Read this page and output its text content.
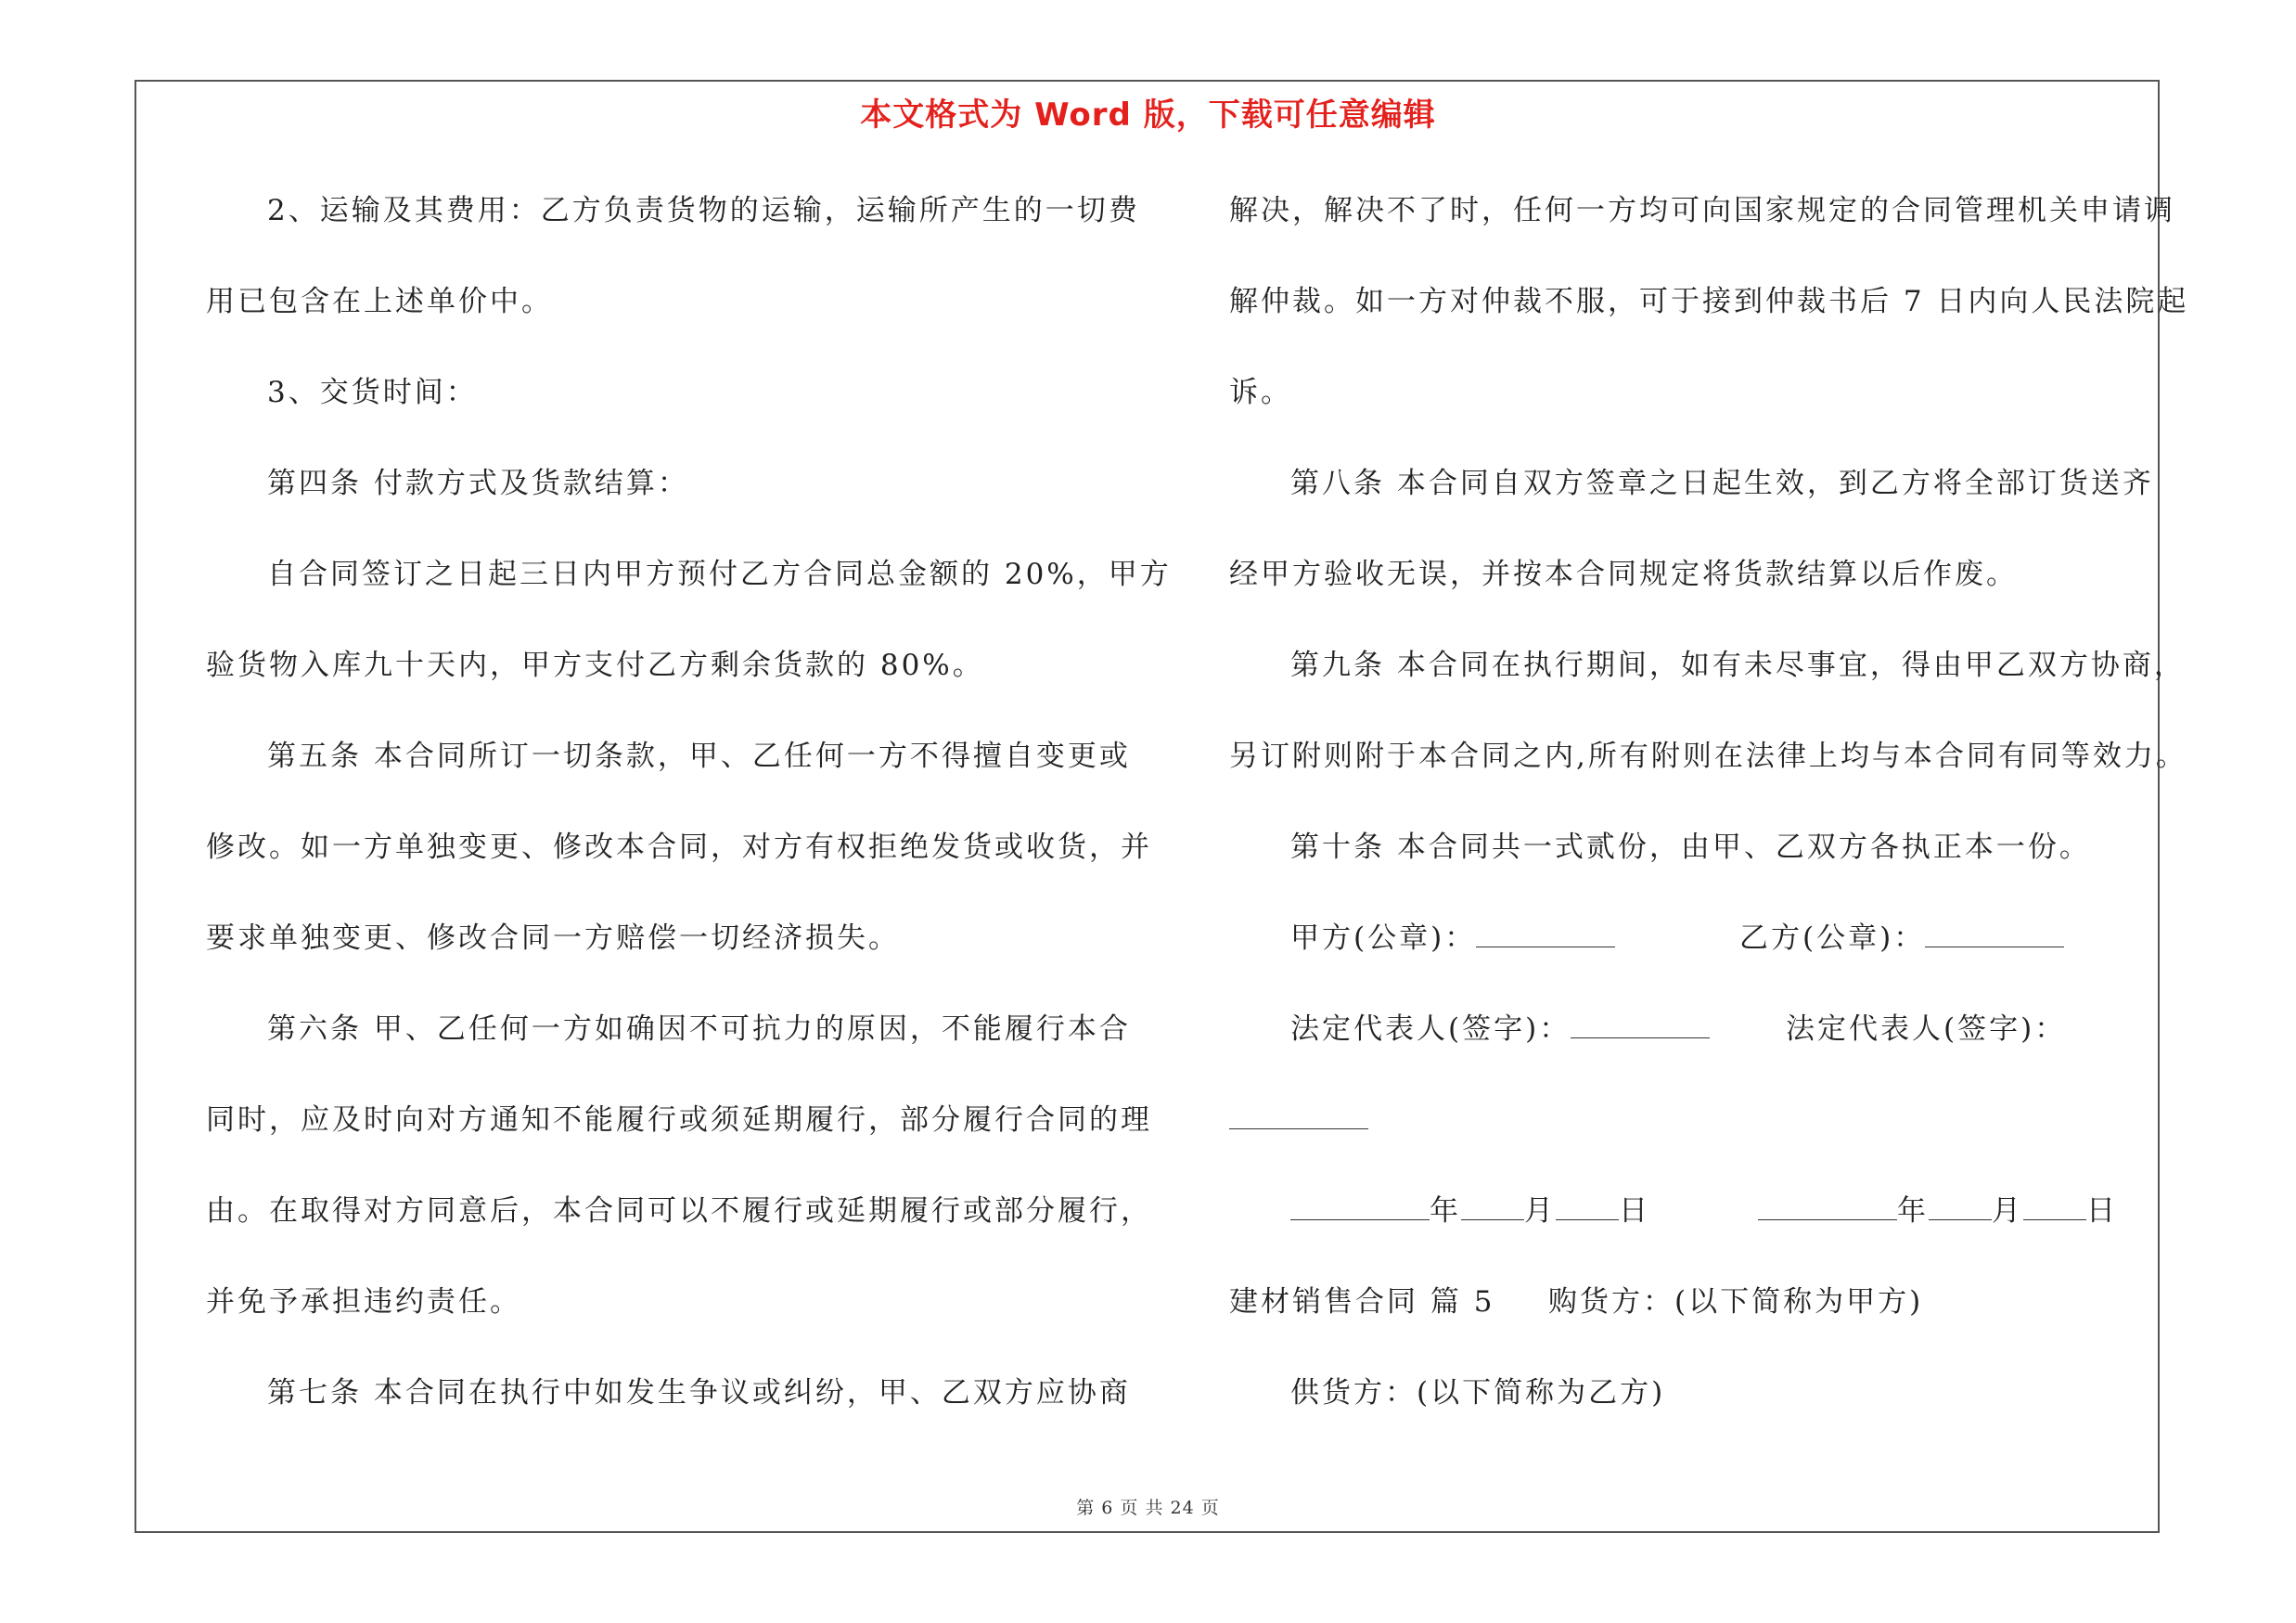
本文格式为 Word 版，下载可任意编辑
2、运输及其费用：乙方负责货物的运输，运输所产生的一切费
用已包含在上述单价中。
3、交货时间：
第四条 付款方式及货款结算：
自合同签订之日起三日内甲方预付乙方合同总金额的 20%，甲方
验货物入库九十天内，甲方支付乙方剩余货款的 80%。
第五条 本合同所订一切条款，甲、乙任何一方不得擅自变更或
修改。如一方单独变更、修改本合同，对方有权拒绝发货或收货，并
要求单独变更、修改合同一方赔偿一切经济损失。
第六条 甲、乙任何一方如确因不可抗力的原因，不能履行本合
同时，应及时向对方通知不能履行或须延期履行，部分履行合同的理
由。在取得对方同意后，本合同可以不履行或延期履行或部分履行，
并免予承担违约责任。
第七条 本合同在执行中如发生争议或纠纷，甲、乙双方应协商
解决，解决不了时，任何一方均可向国家规定的合同管理机关申请调
解仲裁。如一方对仲裁不服，可于接到仲裁书后 7 日内向人民法院起
诉。
第八条 本合同自双方签章之日起生效，到乙方将全部订货送齐
经甲方验收无误，并按本合同规定将货款结算以后作废。
第九条 本合同在执行期间，如有未尽事宜，得由甲乙双方协商，
另订附则附于本合同之内,所有附则在法律上均与本合同有同等效力。
第十条 本合同共一式贰份，由甲、乙双方各执正本一份。
甲方(公章)：	乙方(公章)：
法定代表人(签字)：	法定代表人(签字)：
年 月 日	年 月 日
建材销售合同 篇 5 购货方：(以下简称为甲方)
供货方：(以下简称为乙方)
第 6 页 共 24 页
